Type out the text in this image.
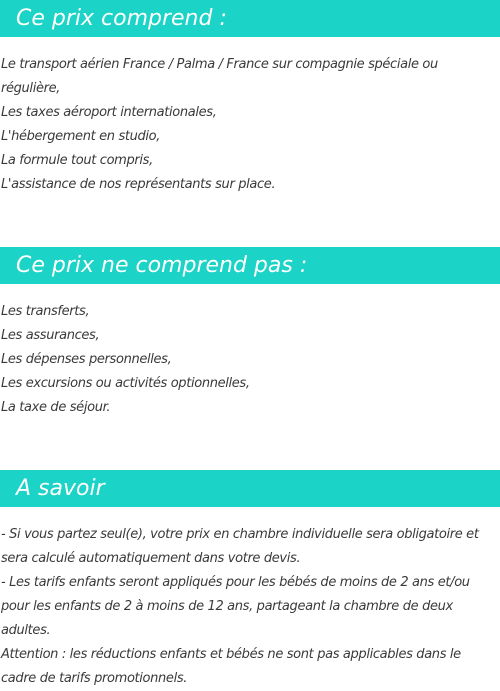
Ce prix comprend :
Le transport aérien France / Palma / France sur compagnie spéciale ou régulière,
Les taxes aéroport internationales,
L'hébergement en studio,
La formule tout compris,
L'assistance de nos représentants sur place.
Ce prix ne comprend pas :
Les transferts,
Les assurances,
Les dépenses personnelles,
Les excursions ou activités optionnelles,
La taxe de séjour.
A savoir
- Si vous partez seul(e), votre prix en chambre individuelle sera obligatoire et sera calculé automatiquement dans votre devis.
- Les tarifs enfants seront appliqués pour les bébés de moins de 2 ans et/ou pour les enfants de 2 à moins de 12 ans, partageant la chambre de deux adultes.
Attention : les réductions enfants et bébés ne sont pas applicables dans le cadre de tarifs promotionnels.
